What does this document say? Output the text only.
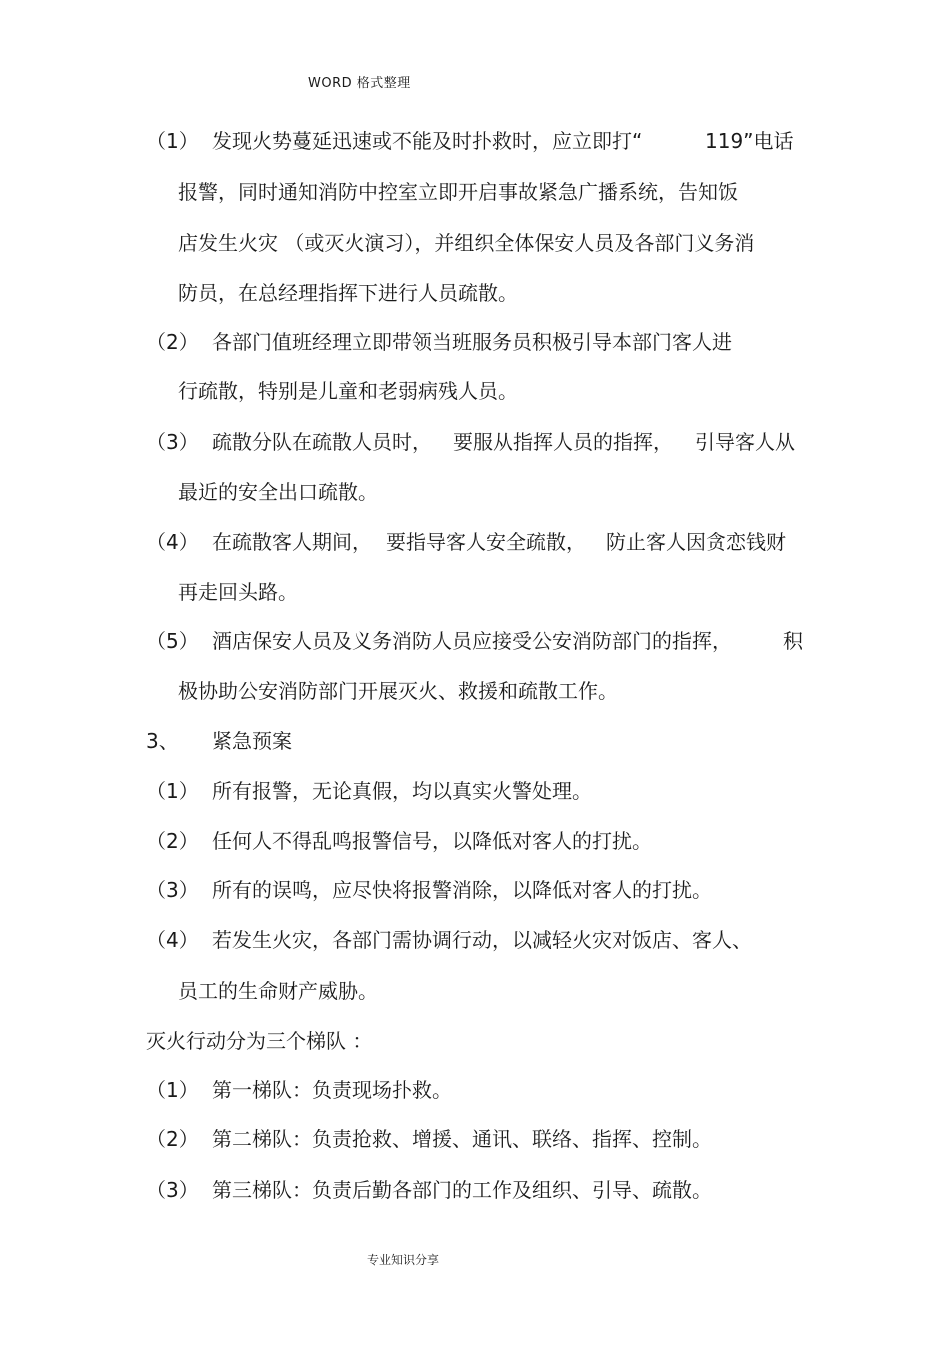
WORD 格式整理
（1） 发现火势蔓延迅速或不能及时扑救时，应立即打“	119”电话
报警，同时通知消防中控室立即开启事故紧急广播系统，告知饭
店发生火灾 （或灭火演习），并组织全体保安人员及各部门义务消
防员，在总经理指挥下进行人员疏散。
（2） 各部门值班经理立即带领当班服务员积极引导本部门客人进
行疏散，特别是儿童和老弱病残人员。
（3） 疏散分队在疏散人员时， 要服从指挥人员的指挥， 引导客人从
最近的安全出口疏散。
（4） 在疏散客人期间， 要指导客人安全疏散， 防止客人因贪恋钱财
再走回头路。
（5） 酒店保安人员及义务消防人员应接受公安消防部门的指挥，	积
极协助公安消防部门开展灭火、救援和疏散工作。
3、 紧急预案
（1） 所有报警，无论真假，均以真实火警处理。
（2） 任何人不得乱鸣报警信号，以降低对客人的打扰。
（3） 所有的误鸣，应尽快将报警消除，以降低对客人的打扰。
（4） 若发生火灾，各部门需协调行动，以减轻火灾对饭店、客人、
员工的生命财产威胁。
灭火行动分为三个梯队 ：
（1） 第一梯队：负责现场扑救。
（2） 第二梯队：负责抢救、增援、通讯、联络、指挥、控制。
（3） 第三梯队：负责后勤各部门的工作及组织、引导、疏散。
专业知识分享
